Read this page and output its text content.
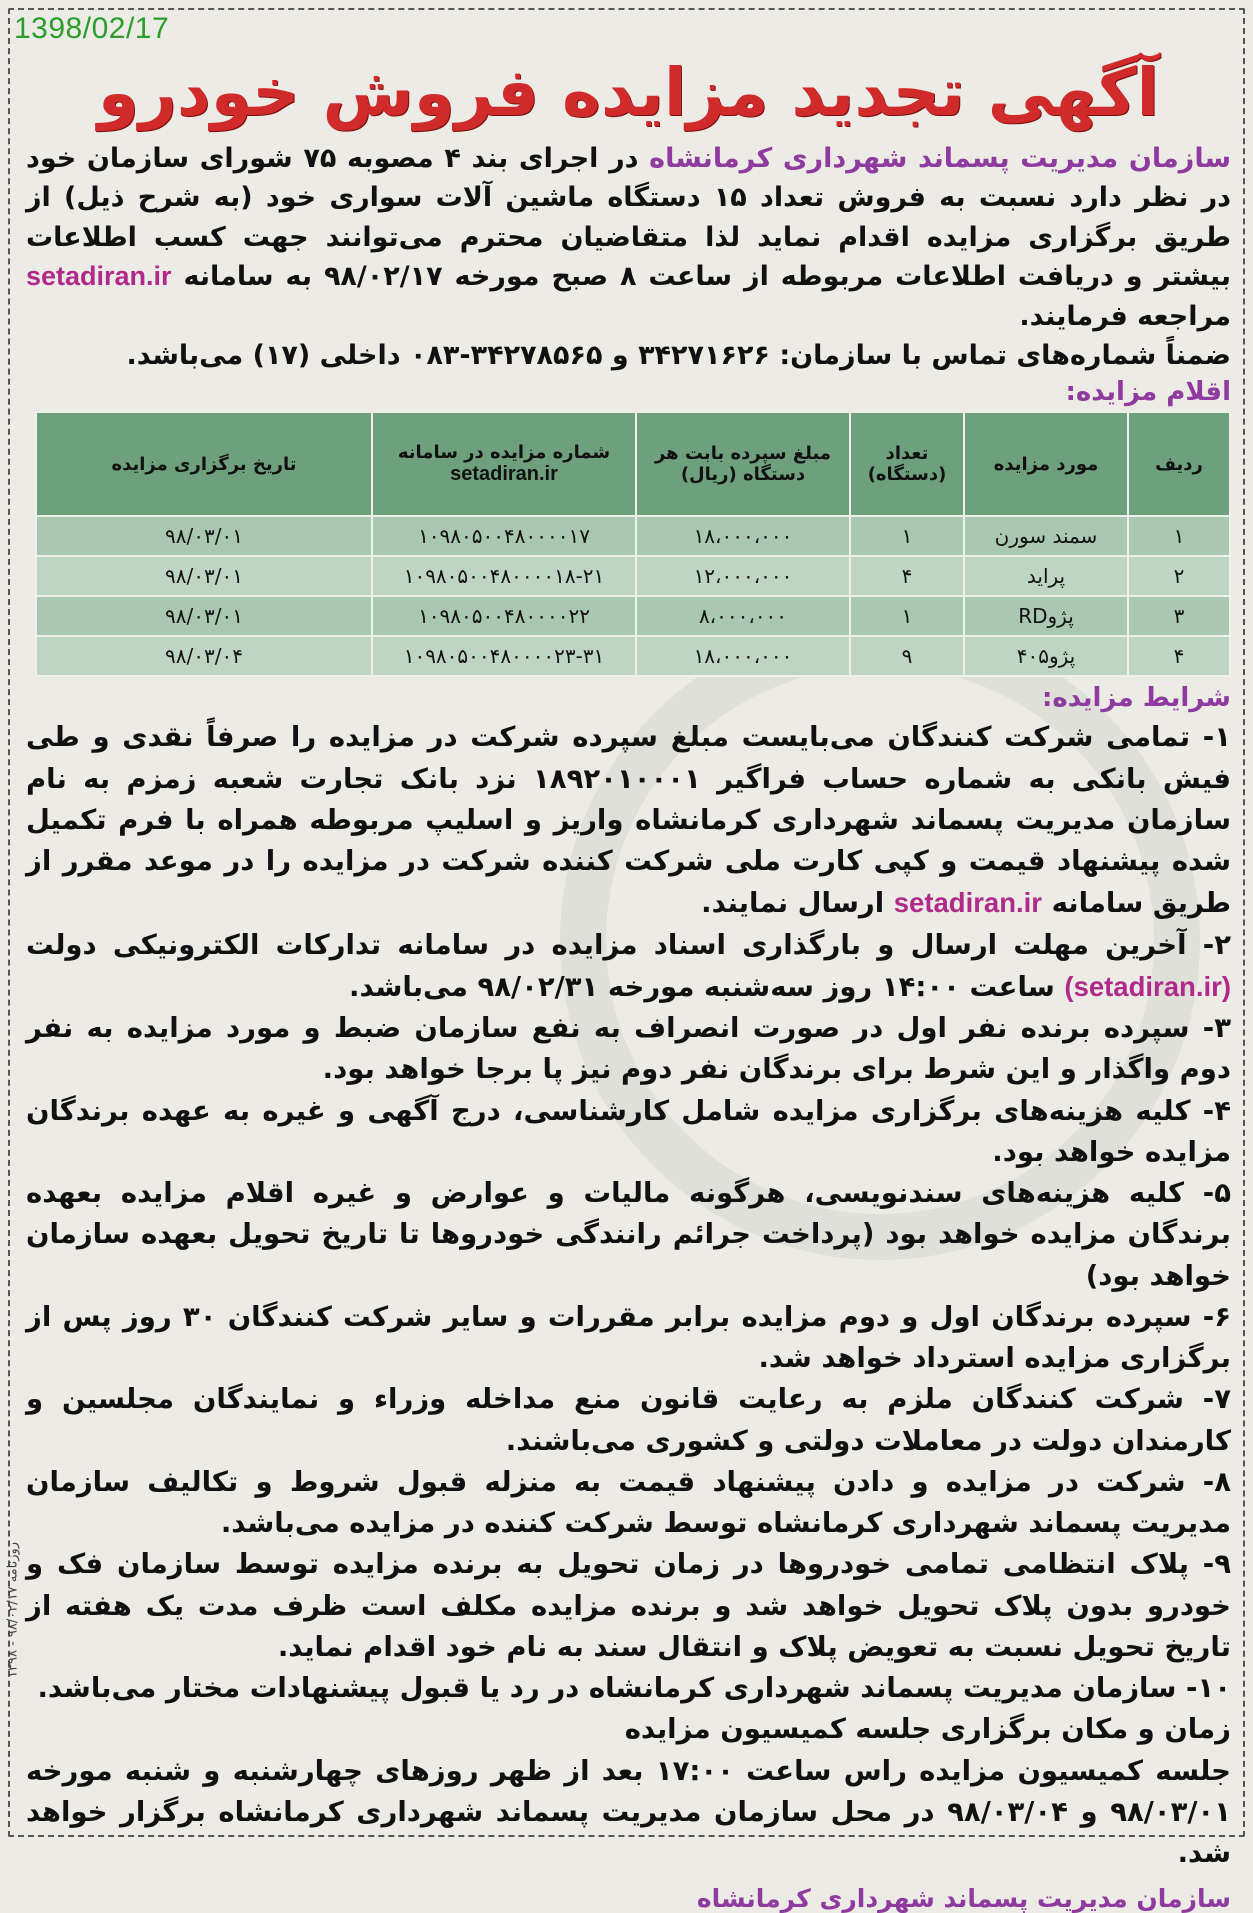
1398/02/17
روزنامه ۹۸/۰۲/۱۷ - ۱۳۹۸
آگهی تجدید مزایده فروش خودرو

سازمان مدیریت پسماند شهرداری کرمانشاه در اجرای بند ۴ مصوبه ۷۵ شورای سازمان خود در نظر دارد نسبت به فروش تعداد ۱۵ دستگاه ماشین آلات سواری خود (به شرح ذیل) از طریق برگزاری مزایده اقدام نماید لذا متقاضیان محترم می‌توانند جهت کسب اطلاعات بیشتر و دریافت اطلاعات مربوطه از ساعت ۸ صبح مورخه ۹۸/۰۲/۱۷ به سامانه setadiran.ir مراجعه فرمایند.

ضمناً شماره‌های تماس با سازمان: ۳۴۲۷۱۶۲۶ و ۳۴۲۷۸۵۶۵-۰۸۳ داخلی (۱۷) می‌باشد.

اقلام مزایده:
ردیف	مورد مزایده	تعداد (دستگاه)	مبلغ سپرده بابت هر دستگاه (ریال)	شماره مزایده در سامانه
setadiran.ir	تاریخ برگزاری مزایده
۱	سمند سورن	۱	۱۸،۰۰۰،۰۰۰	۱۰۹۸۰۵۰۰۴۸۰۰۰۰۱۷	۹۸/۰۳/۰۱
۲	پراید	۴	۱۲،۰۰۰،۰۰۰	۱۰۹۸۰۵۰۰۴۸۰۰۰۰۱۸-۲۱	۹۸/۰۳/۰۱
۳	پژوRD	۱	۸،۰۰۰،۰۰۰	۱۰۹۸۰۵۰۰۴۸۰۰۰۰۲۲	۹۸/۰۳/۰۱
۴	پژو۴۰۵	۹	۱۸،۰۰۰،۰۰۰	۱۰۹۸۰۵۰۰۴۸۰۰۰۰۲۳-۳۱	۹۸/۰۳/۰۴
شرایط مزایده:

۱- تمامی شرکت کنندگان می‌بایست مبلغ سپرده شرکت در مزایده را صرفاً نقدی و طی فیش بانکی به شماره حساب فراگیر ۱۸۹۲۰۱۰۰۰۱ نزد بانک تجارت شعبه زمزم به نام سازمان مدیریت پسماند شهرداری کرمانشاه واریز و اسلیپ مربوطه همراه با فرم تکمیل شده پیشنهاد قیمت و کپی کارت ملی شرکت کننده شرکت در مزایده را در موعد مقرر از طریق سامانه setadiran.ir ارسال نمایند.

۲- آخرین مهلت ارسال و بارگذاری اسناد مزایده در سامانه تدارکات الکترونیکی دولت (setadiran.ir) ساعت ۱۴:۰۰ روز سه‌شنبه مورخه ۹۸/۰۲/۳۱ می‌باشد.

۳- سپرده برنده نفر اول در صورت انصراف به نفع سازمان ضبط و مورد مزایده به نفر دوم واگذار و این شرط برای برندگان نفر دوم نیز پا برجا خواهد بود.

۴- کلیه هزینه‌های برگزاری مزایده شامل کارشناسی، درج آگهی و غیره به عهده برندگان مزایده خواهد بود.

۵- کلیه هزینه‌های سندنویسی، هرگونه مالیات و عوارض و غیره اقلام مزایده بعهده برندگان مزایده خواهد بود (پرداخت جرائم رانندگی خودروها تا تاریخ تحویل بعهده سازمان خواهد بود)

۶- سپرده برندگان اول و دوم مزایده برابر مقررات و سایر شرکت کنندگان ۳۰ روز پس از برگزاری مزایده استرداد خواهد شد.

۷- شرکت کنندگان ملزم به رعایت قانون منع مداخله وزراء و نمایندگان مجلسین و کارمندان دولت در معاملات دولتی و کشوری می‌باشند.

۸- شرکت در مزایده و دادن پیشنهاد قیمت به منزله قبول شروط و تکالیف سازمان مدیریت پسماند شهرداری کرمانشاه توسط شرکت کننده در مزایده می‌باشد.

۹- پلاک انتظامی تمامی خودروها در زمان تحویل به برنده مزایده توسط سازمان فک و خودرو بدون پلاک تحویل خواهد شد و برنده مزایده مکلف است ظرف مدت یک هفته از تاریخ تحویل نسبت به تعویض پلاک و انتقال سند به نام خود اقدام نماید.

۱۰- سازمان مدیریت پسماند شهرداری کرمانشاه در رد یا قبول پیشنهادات مختار می‌باشد.

زمان و مکان برگزاری جلسه کمیسیون مزایده

جلسه کمیسیون مزایده راس ساعت ۱۷:۰۰ بعد از ظهر روزهای چهارشنبه و شنبه مورخه ۹۸/۰۳/۰۱ و ۹۸/۰۳/۰۴ در محل سازمان مدیریت پسماند شهرداری کرمانشاه برگزار خواهد شد.

سازمان مدیریت پسماند شهرداری کرمانشاه
